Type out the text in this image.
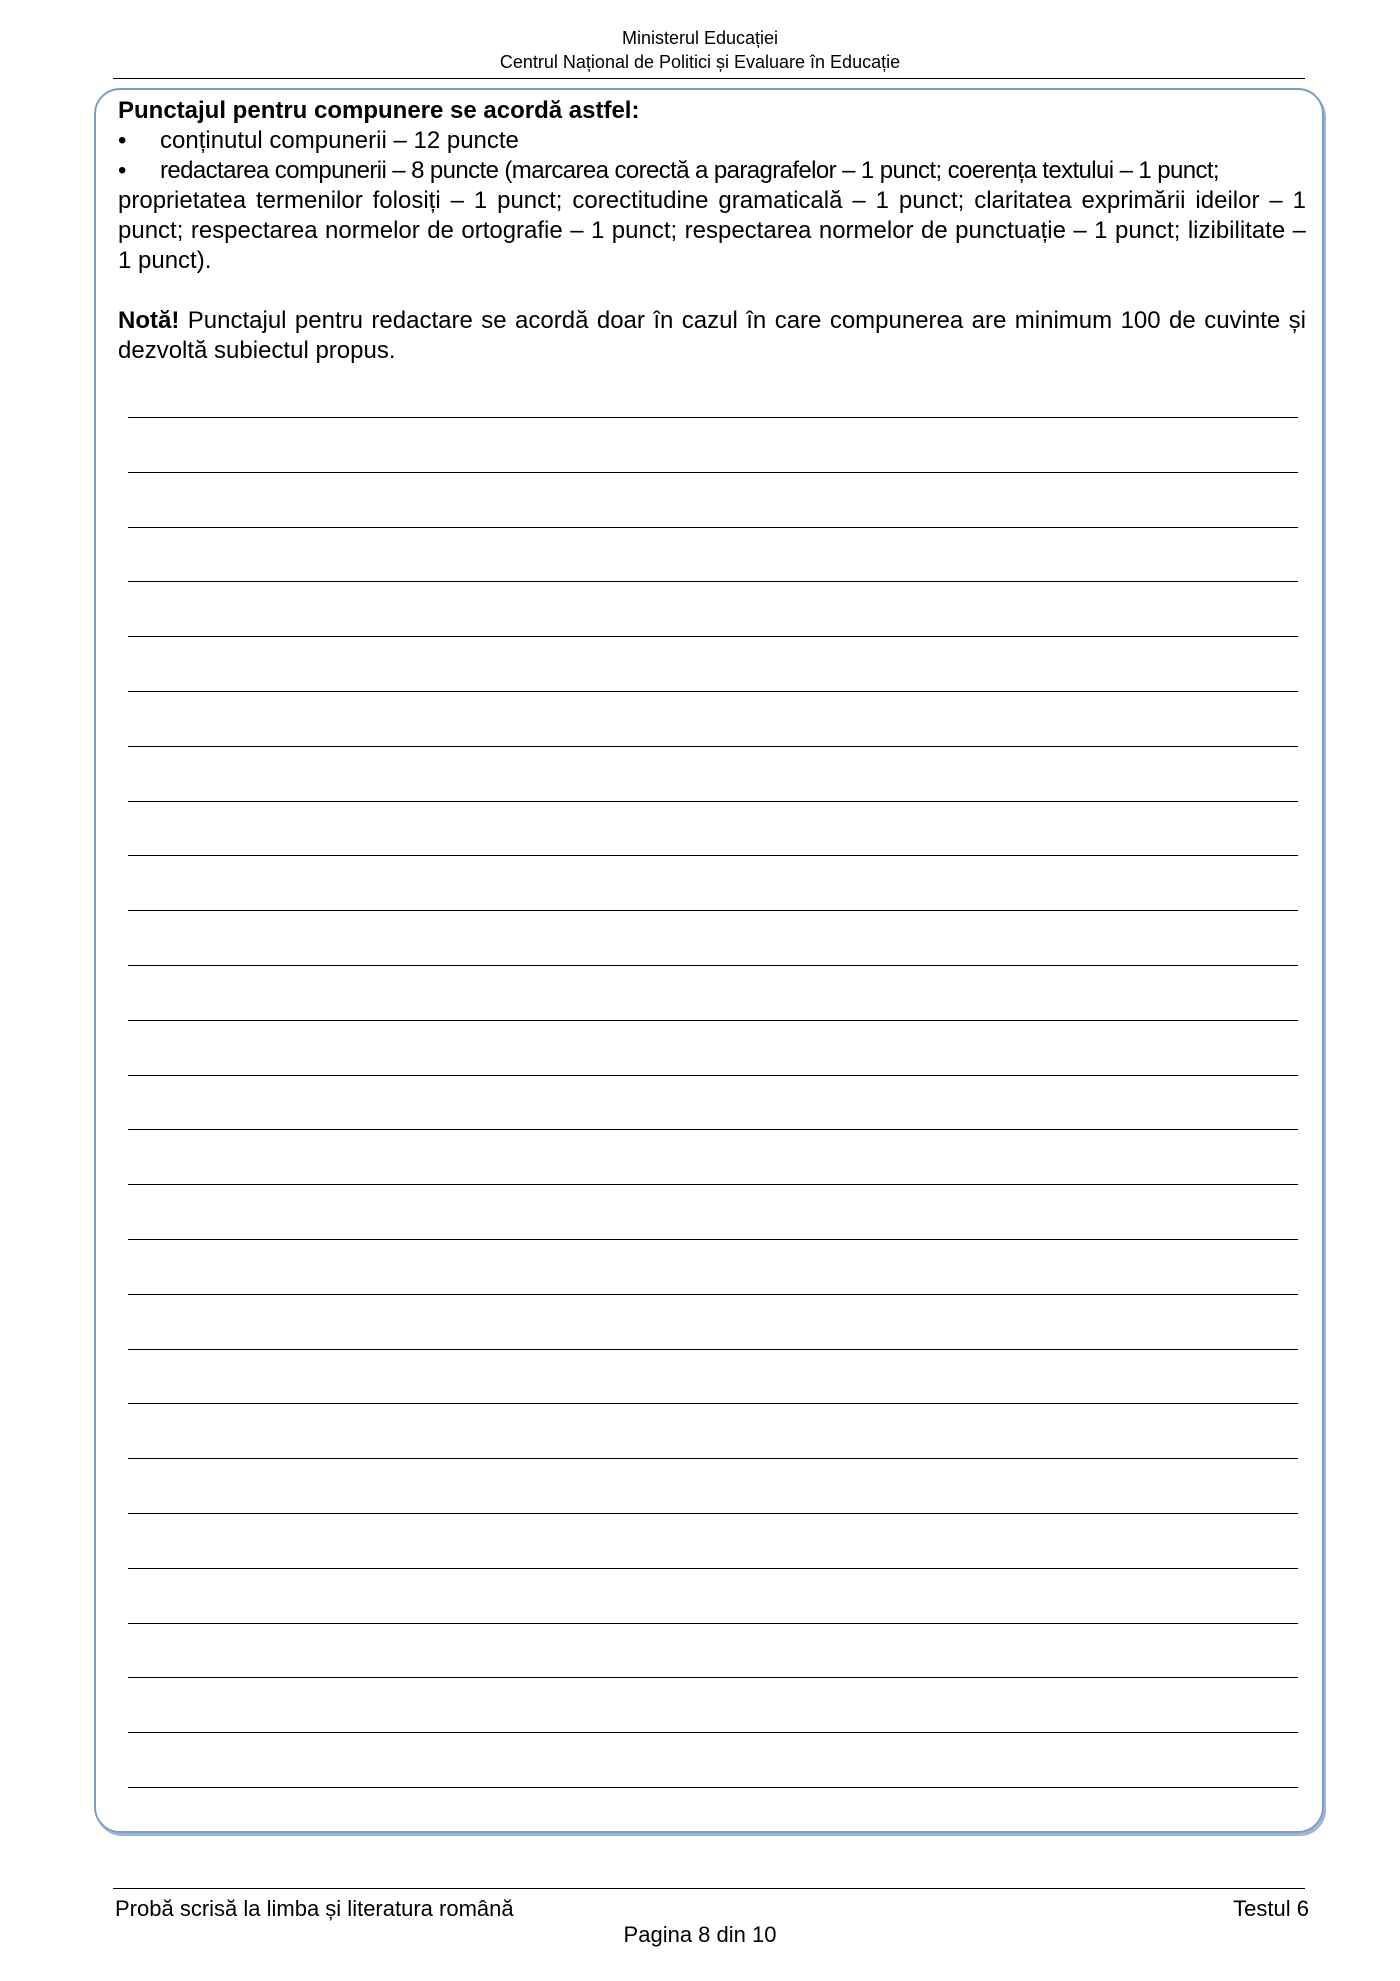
Ministerul Educației
Centrul Național de Politici și Evaluare în Educație

Punctajul pentru compunere se acordă astfel:

•	conținutul compunerii – 12 puncte
•	redactarea compunerii – 8 puncte (marcarea corectă a paragrafelor – 1 punct; coerența textului – 1 punct;

proprietatea termenilor folosiți – 1 punct; corectitudine gramaticală – 1 punct; claritatea exprimării ideilor – 1 punct; respectarea normelor de ortografie – 1 punct; respectarea normelor de punctuație – 1 punct; lizibilitate – 1 punct).

Notă! Punctajul pentru redactare se acordă doar în cazul în care compunerea are minimum 100 de cuvinte și dezvoltă subiectul propus.

Probă scrisă la limba și literatura română	Testul 6
Pagina 8 din 10
